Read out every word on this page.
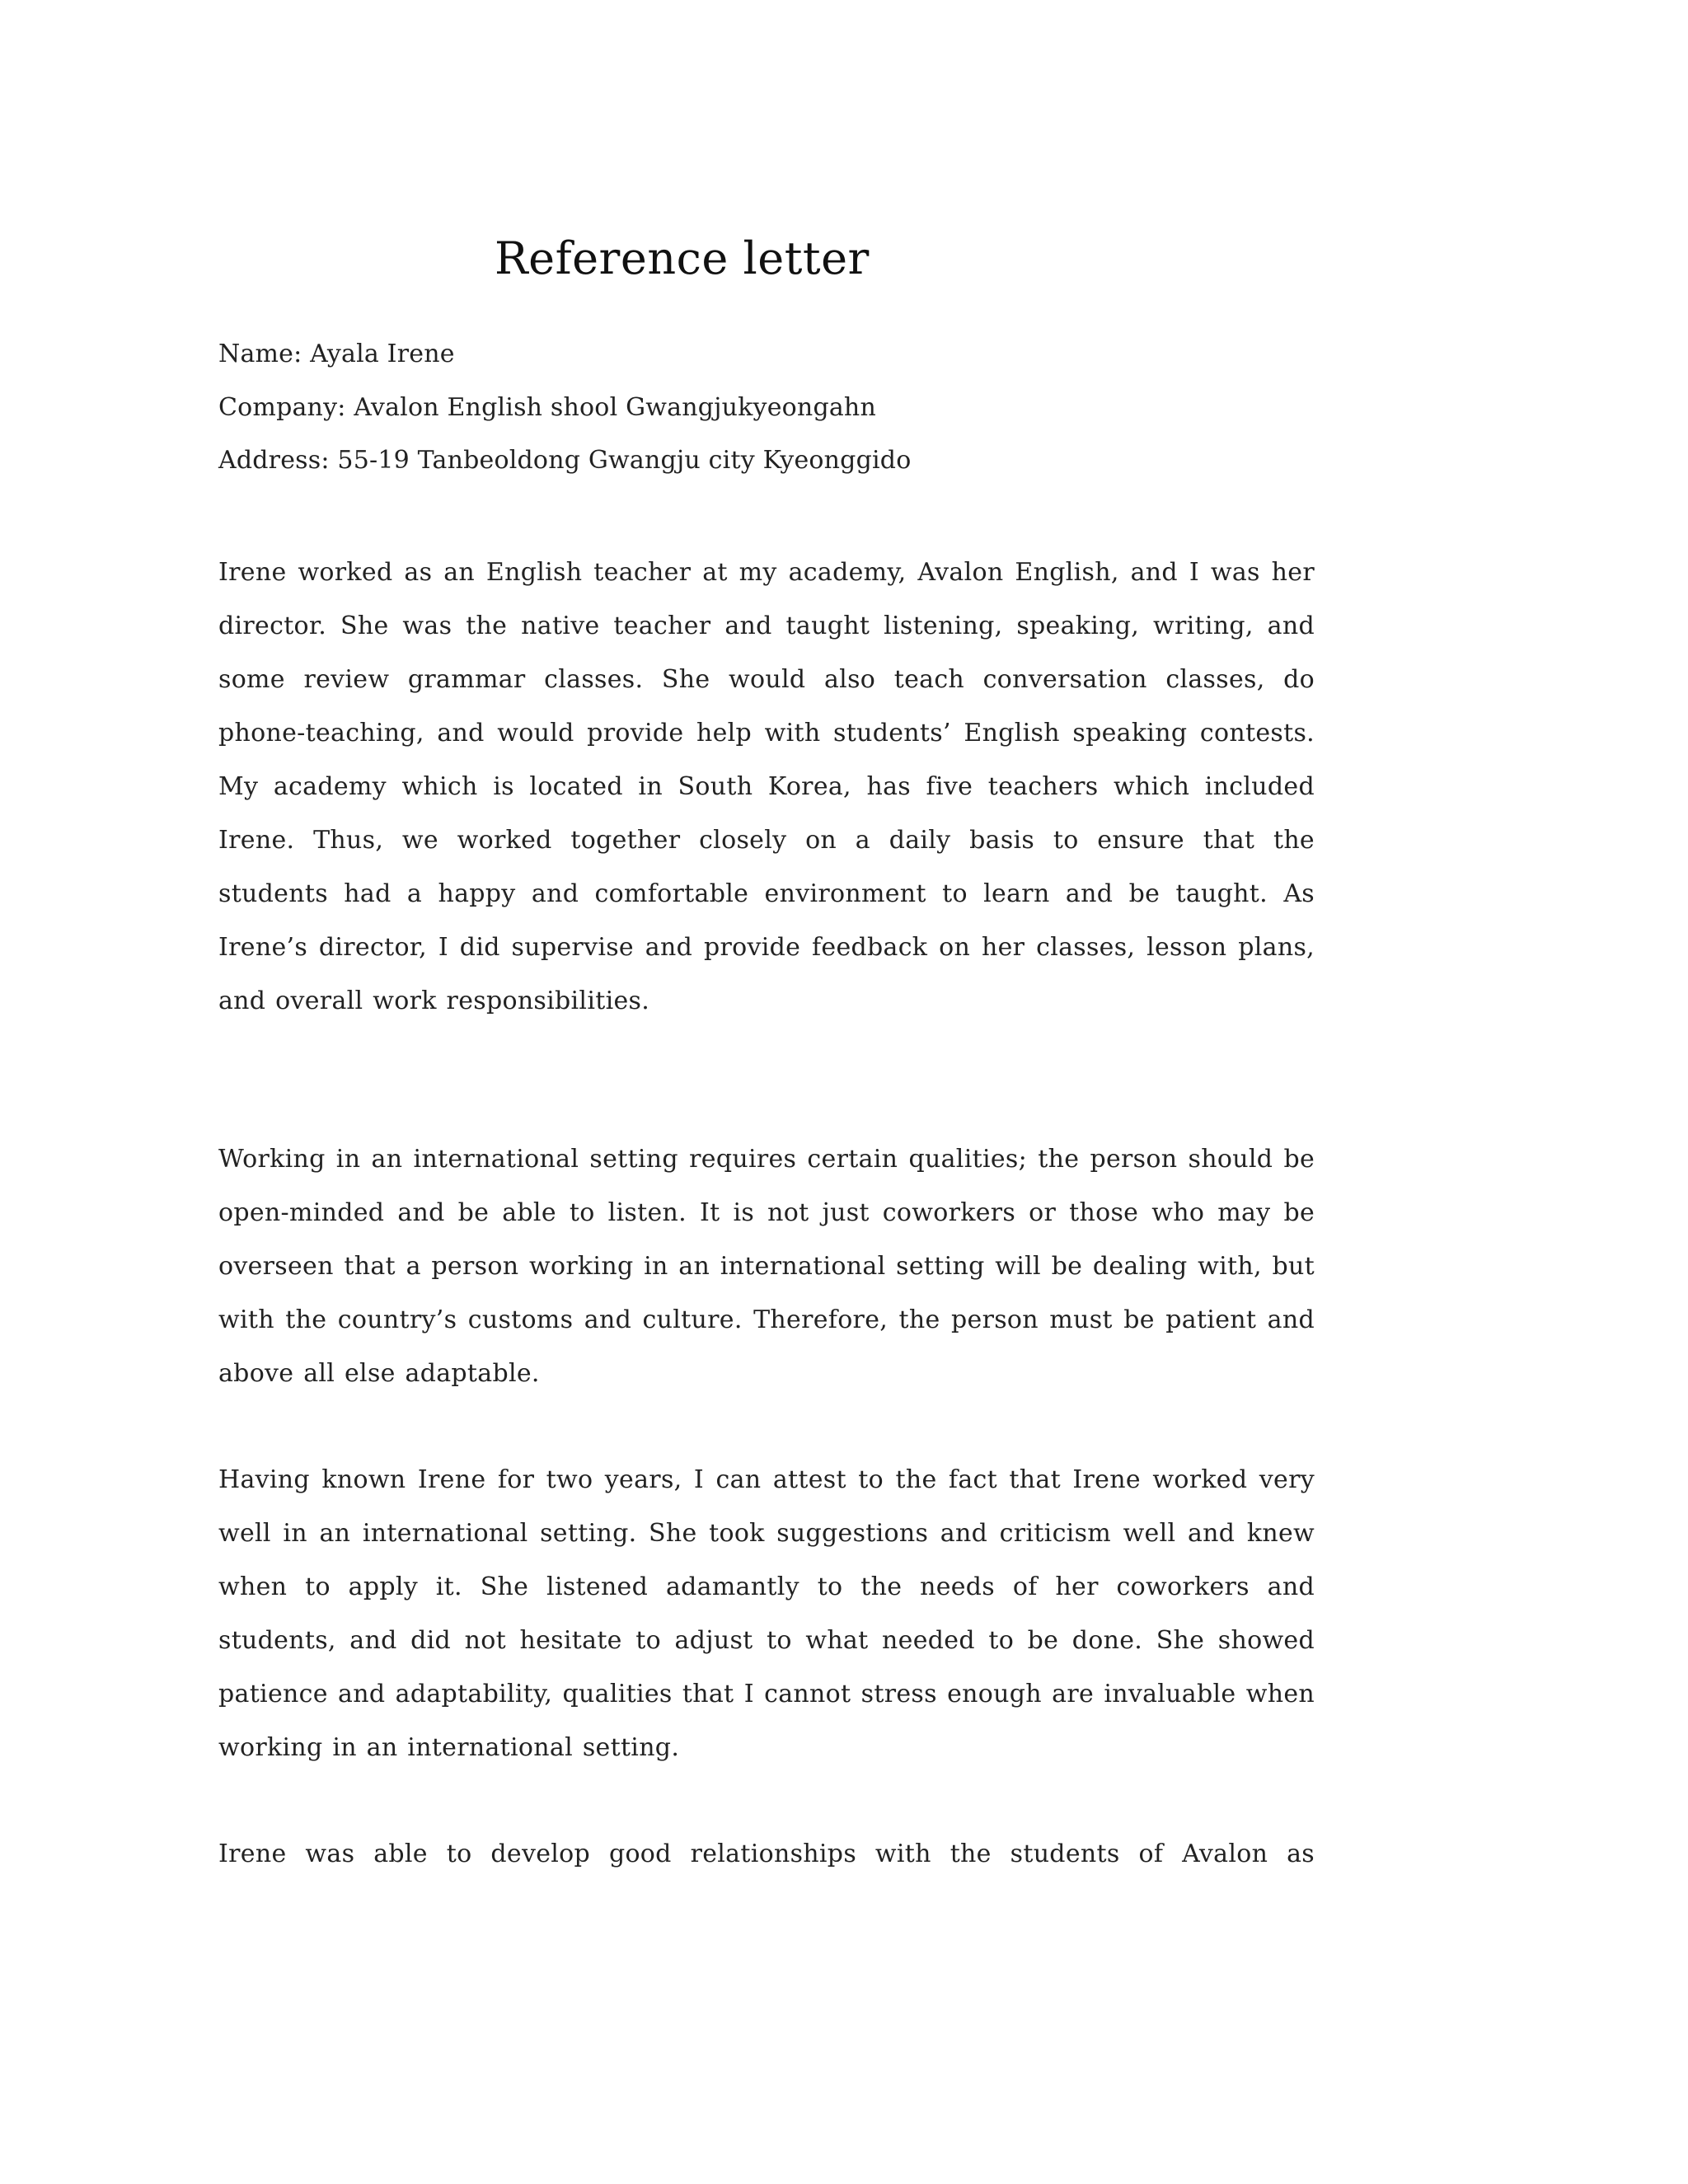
Reference letter

Name: Ayala Irene

Company: Avalon English shool Gwangjukyeongahn

Address: 55-19 Tanbeoldong Gwangju city Kyeonggido

Irene worked as an English teacher at my academy, Avalon English, and I was her director. She was the native teacher and taught listening, speaking, writing, and some review grammar classes. She would also teach conversation classes, do phone-teaching, and would provide help with students’ English speaking contests. My academy which is located in South Korea, has five teachers which included Irene. Thus, we worked together closely on a daily basis to ensure that the students had a happy and comfortable environment to learn and be taught. As Irene’s director, I did supervise and provide feedback on her classes, lesson plans, and overall work responsibilities.

Working in an international setting requires certain qualities; the person should be open-minded and be able to listen. It is not just coworkers or those who may be overseen that a person working in an international setting will be dealing with, but with the country’s customs and culture. Therefore, the person must be patient and above all else adaptable.

Having known Irene for two years, I can attest to the fact that Irene worked very well in an international setting. She took suggestions and criticism well and knew when to apply it. She listened adamantly to the needs of her coworkers and students, and did not hesitate to adjust to what needed to be done. She showed patience and adaptability, qualities that I cannot stress enough are invaluable when working in an international setting.

Irene was able to develop good relationships with the students of Avalon as
